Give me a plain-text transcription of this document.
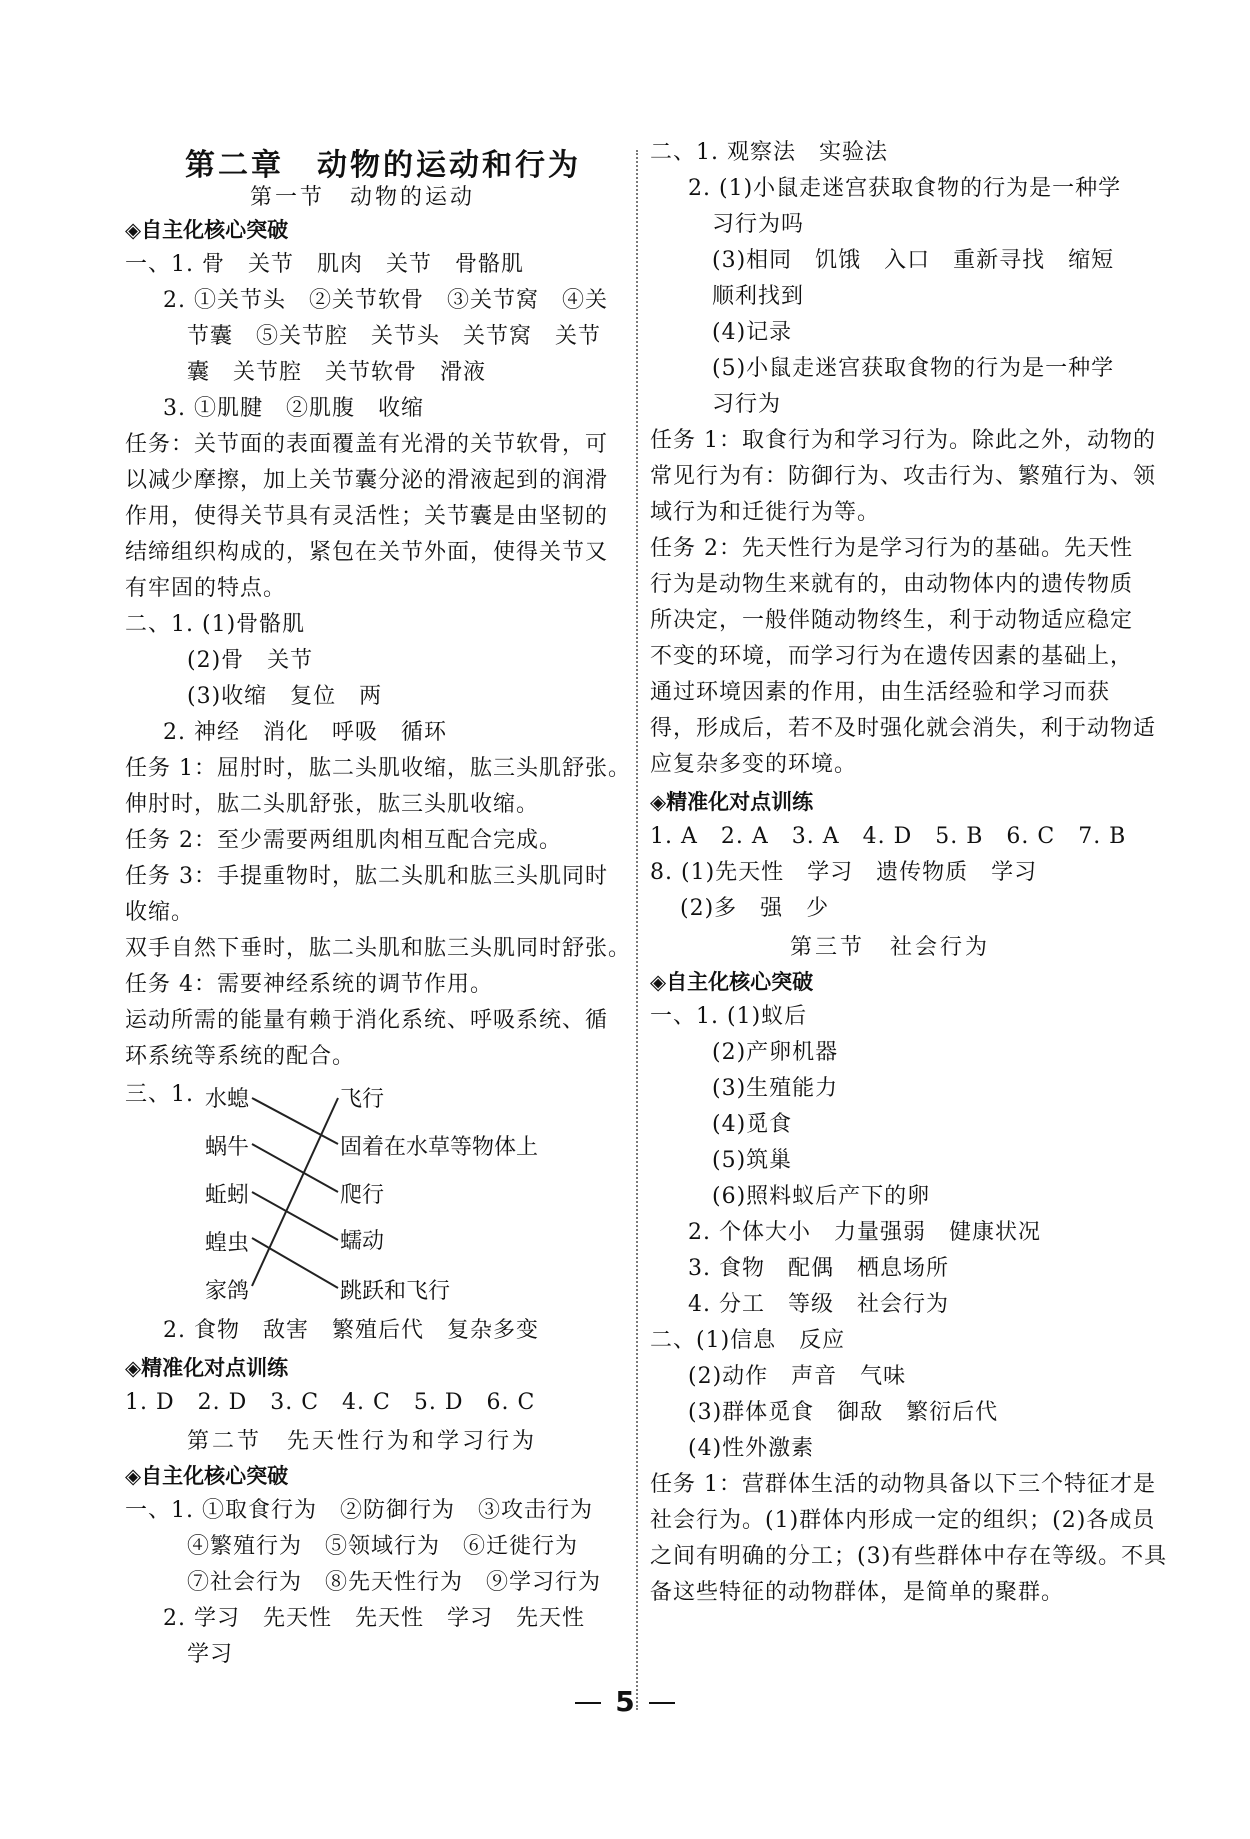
第二章　动物的运动和行为
第一节　动物的运动
◈自主化核心突破
一、1. 骨　关节　肌肉　关节　骨骼肌
2. ①关节头　②关节软骨　③关节窝　④关
节囊　⑤关节腔　关节头　关节窝　关节
囊　关节腔　关节软骨　滑液
3. ①肌腱　②肌腹　收缩
任务：关节面的表面覆盖有光滑的关节软骨，可
以减少摩擦，加上关节囊分泌的滑液起到的润滑
作用，使得关节具有灵活性；关节囊是由坚韧的
结缔组织构成的，紧包在关节外面，使得关节又
有牢固的特点。
二、1. (1)骨骼肌
(2)骨　关节
(3)收缩　复位　两
2. 神经　消化　呼吸　循环
任务 1：屈肘时，肱二头肌收缩，肱三头肌舒张。
伸肘时，肱二头肌舒张，肱三头肌收缩。
任务 2：至少需要两组肌肉相互配合完成。
任务 3：手提重物时，肱二头肌和肱三头肌同时
收缩。
双手自然下垂时，肱二头肌和肱三头肌同时舒张。
任务 4：需要神经系统的调节作用。
运动所需的能量有赖于消化系统、呼吸系统、循
环系统等系统的配合。
三、1. 水螅
蜗牛
蚯蚓
蝗虫
家鸽
飞行
固着在水草等物体上
爬行
蠕动
跳跃和飞行
2. 食物　敌害　繁殖后代　复杂多变
◈精准化对点训练
1. D　2. D　3. C　4. C　5. D　6. C
第二节　先天性行为和学习行为
◈自主化核心突破
一、1. ①取食行为　②防御行为　③攻击行为
④繁殖行为　⑤领域行为　⑥迁徙行为
⑦社会行为　⑧先天性行为　⑨学习行为
2. 学习　先天性　先天性　学习　先天性
学习
二、1. 观察法　实验法
2. (1)小鼠走迷宫获取食物的行为是一种学
习行为吗
(3)相同　饥饿　入口　重新寻找　缩短
顺利找到
(4)记录
(5)小鼠走迷宫获取食物的行为是一种学
习行为
任务 1：取食行为和学习行为。除此之外，动物的
常见行为有：防御行为、攻击行为、繁殖行为、领
域行为和迁徙行为等。
任务 2：先天性行为是学习行为的基础。先天性
行为是动物生来就有的，由动物体内的遗传物质
所决定，一般伴随动物终生，利于动物适应稳定
不变的环境，而学习行为在遗传因素的基础上，
通过环境因素的作用，由生活经验和学习而获
得，形成后，若不及时强化就会消失，利于动物适
应复杂多变的环境。
◈精准化对点训练
1. A　2. A　3. A　4. D　5. B　6. C　7. B
8. (1)先天性　学习　遗传物质　学习
(2)多　强　少
第三节　社会行为
◈自主化核心突破
一、1. (1)蚁后
(2)产卵机器
(3)生殖能力
(4)觅食
(5)筑巢
(6)照料蚁后产下的卵
2. 个体大小　力量强弱　健康状况
3. 食物　配偶　栖息场所
4. 分工　等级　社会行为
二、(1)信息　反应
(2)动作　声音　气味
(3)群体觅食　御敌　繁衍后代
(4)性外激素
任务 1：营群体生活的动物具备以下三个特征才是
社会行为。(1)群体内形成一定的组织；(2)各成员
之间有明确的分工；(3)有些群体中存在等级。不具
备这些特征的动物群体，是简单的聚群。
5
